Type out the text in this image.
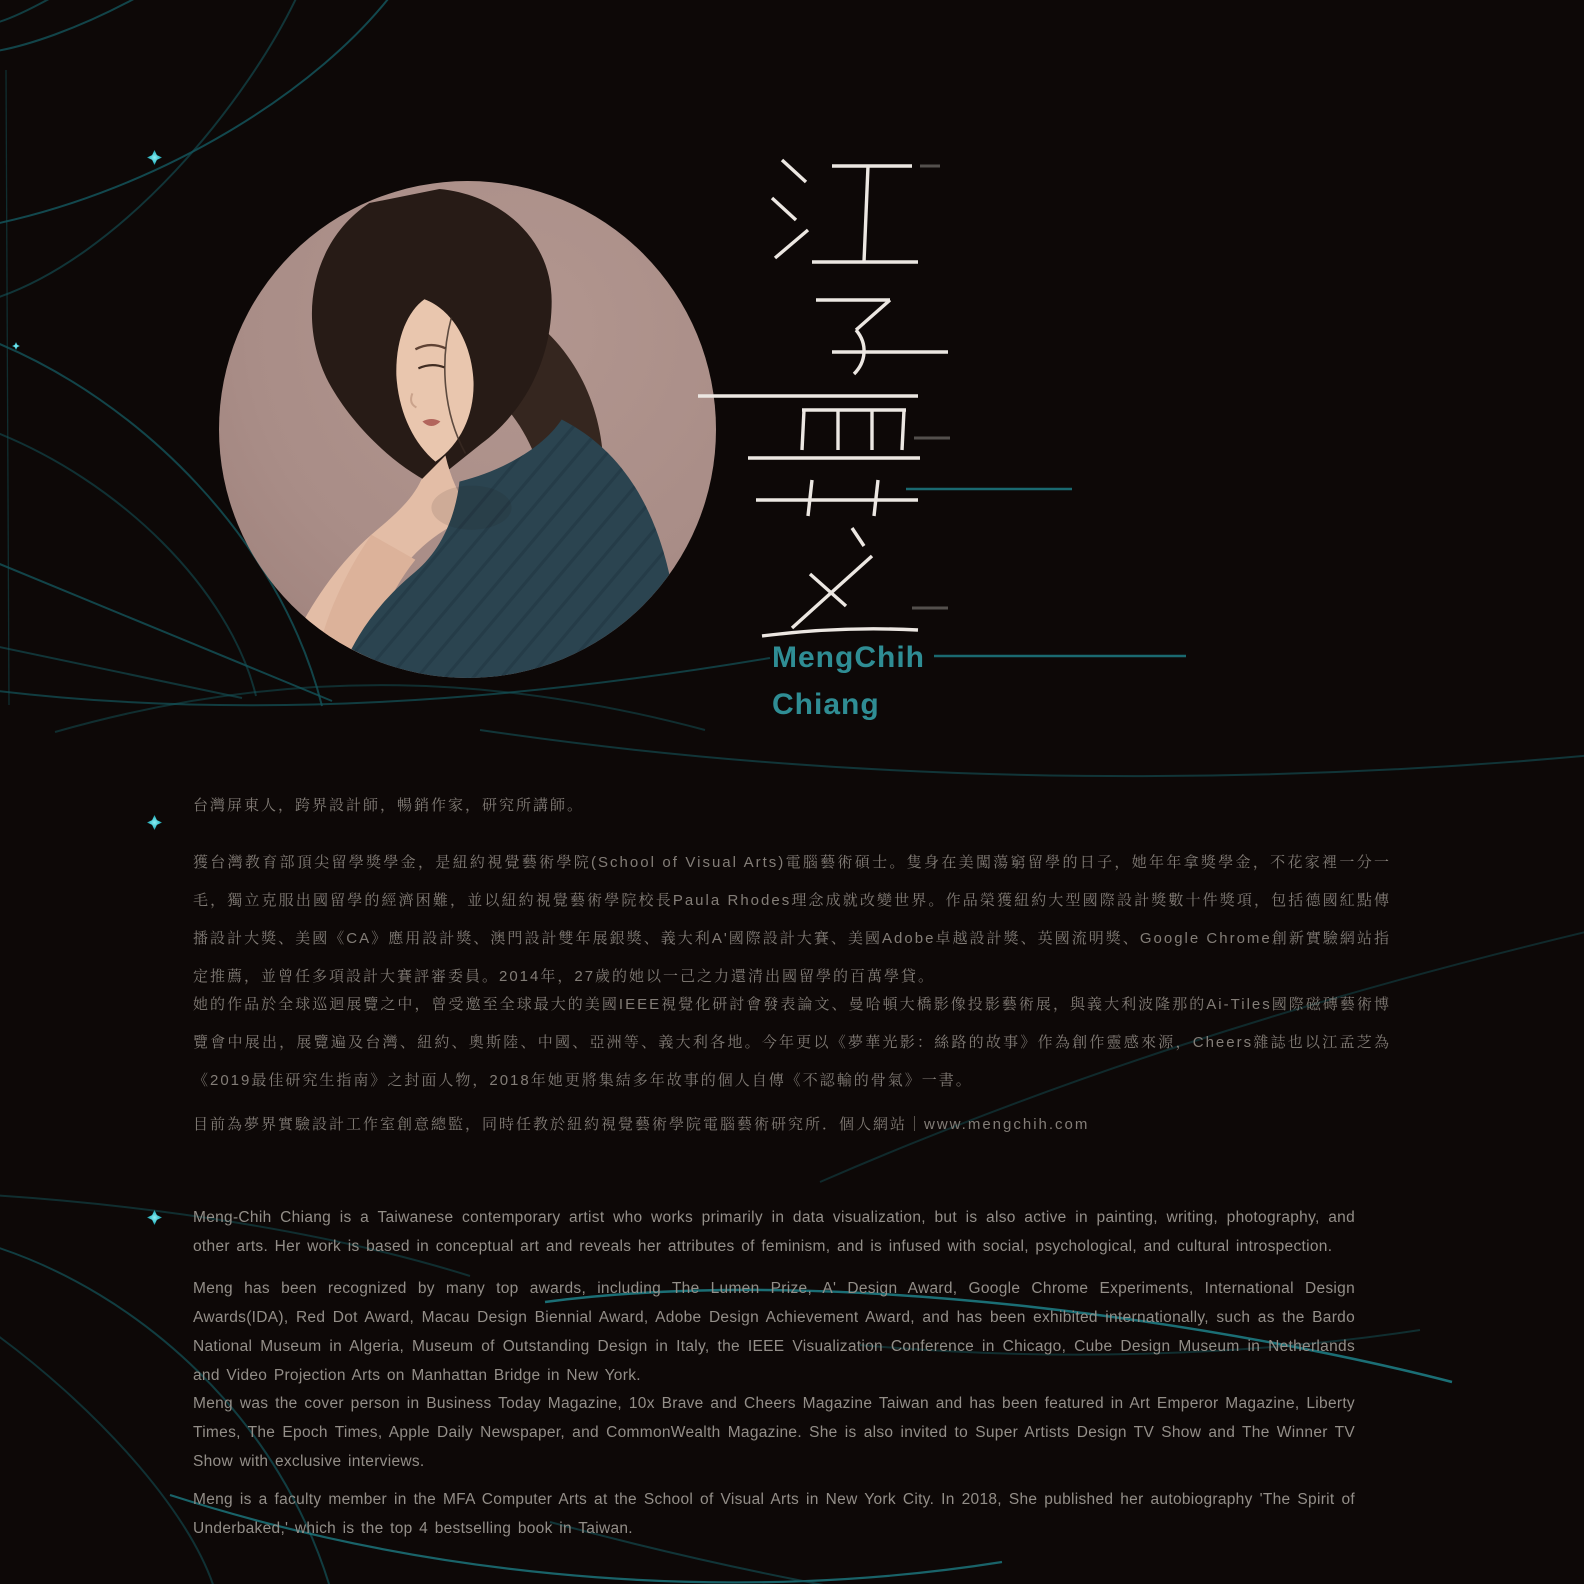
MengChih
Chiang

台灣屏東人，跨界設計師，暢銷作家，研究所講師。

獲台灣教育部頂尖留學獎學金，是紐約視覺藝術學院(School of Visual Arts)電腦藝術碩士。隻身在美闖蕩窮留學的日子，她年年拿獎學金，不花家裡一分一毛，獨立克服出國留學的經濟困難，並以紐約視覺藝術學院校長Paula Rhodes理念成就改變世界。作品榮獲紐約大型國際設計獎數十件獎項，包括德國紅點傳播設計大獎、美國《CA》應用設計獎、澳門設計雙年展銀獎、義大利A'國際設計大賽、美國Adobe卓越設計獎、英國流明獎、Google Chrome創新實驗網站指定推薦，並曾任多項設計大賽評審委員。2014年，27歲的她以一己之力還清出國留學的百萬學貸。

她的作品於全球巡迴展覽之中，曾受邀至全球最大的美國IEEE視覺化研討會發表論文、曼哈頓大橋影像投影藝術展，與義大利波隆那的Ai-Tiles國際磁磚藝術博覽會中展出，展覽遍及台灣、紐約、奧斯陸、中國、亞洲等、義大利各地。今年更以《夢華光影：絲路的故事》作為創作靈感來源，Cheers雜誌也以江孟芝為《2019最佳研究生指南》之封面人物，2018年她更將集結多年故事的個人自傳《不認輸的骨氣》一書。

目前為夢界實驗設計工作室創意總監，同時任教於紐約視覺藝術學院電腦藝術研究所．個人網站｜www.mengchih.com

Meng-Chih Chiang is a Taiwanese contemporary artist who works primarily in data visualization, but is also active in painting, writing, photography, and other arts. Her work is based in conceptual art and reveals her attributes of feminism, and is infused with social, psychological, and cultural introspection.

Meng has been recognized by many top awards, including The Lumen Prize, A' Design Award, Google Chrome Experiments, International Design Awards(IDA), Red Dot Award, Macau Design Biennial Award, Adobe Design Achievement Award, and has been exhibited internationally, such as the Bardo National Museum in Algeria, Museum of Outstanding Design in Italy, the IEEE Visualization Conference in Chicago, Cube Design Museum in Netherlands and Video Projection Arts on Manhattan Bridge in New York.

Meng was the cover person in Business Today Magazine, 10x Brave and Cheers Magazine Taiwan and has been featured in Art Emperor Magazine, Liberty Times, The Epoch Times, Apple Daily Newspaper, and CommonWealth Magazine. She is also invited to Super Artists Design TV Show and The Winner TV Show with exclusive interviews.

Meng is a faculty member in the MFA Computer Arts at the School of Visual Arts in New York City. In 2018, She published her autobiography 'The Spirit of Underbaked,' which is the top 4 bestselling book in Taiwan.
